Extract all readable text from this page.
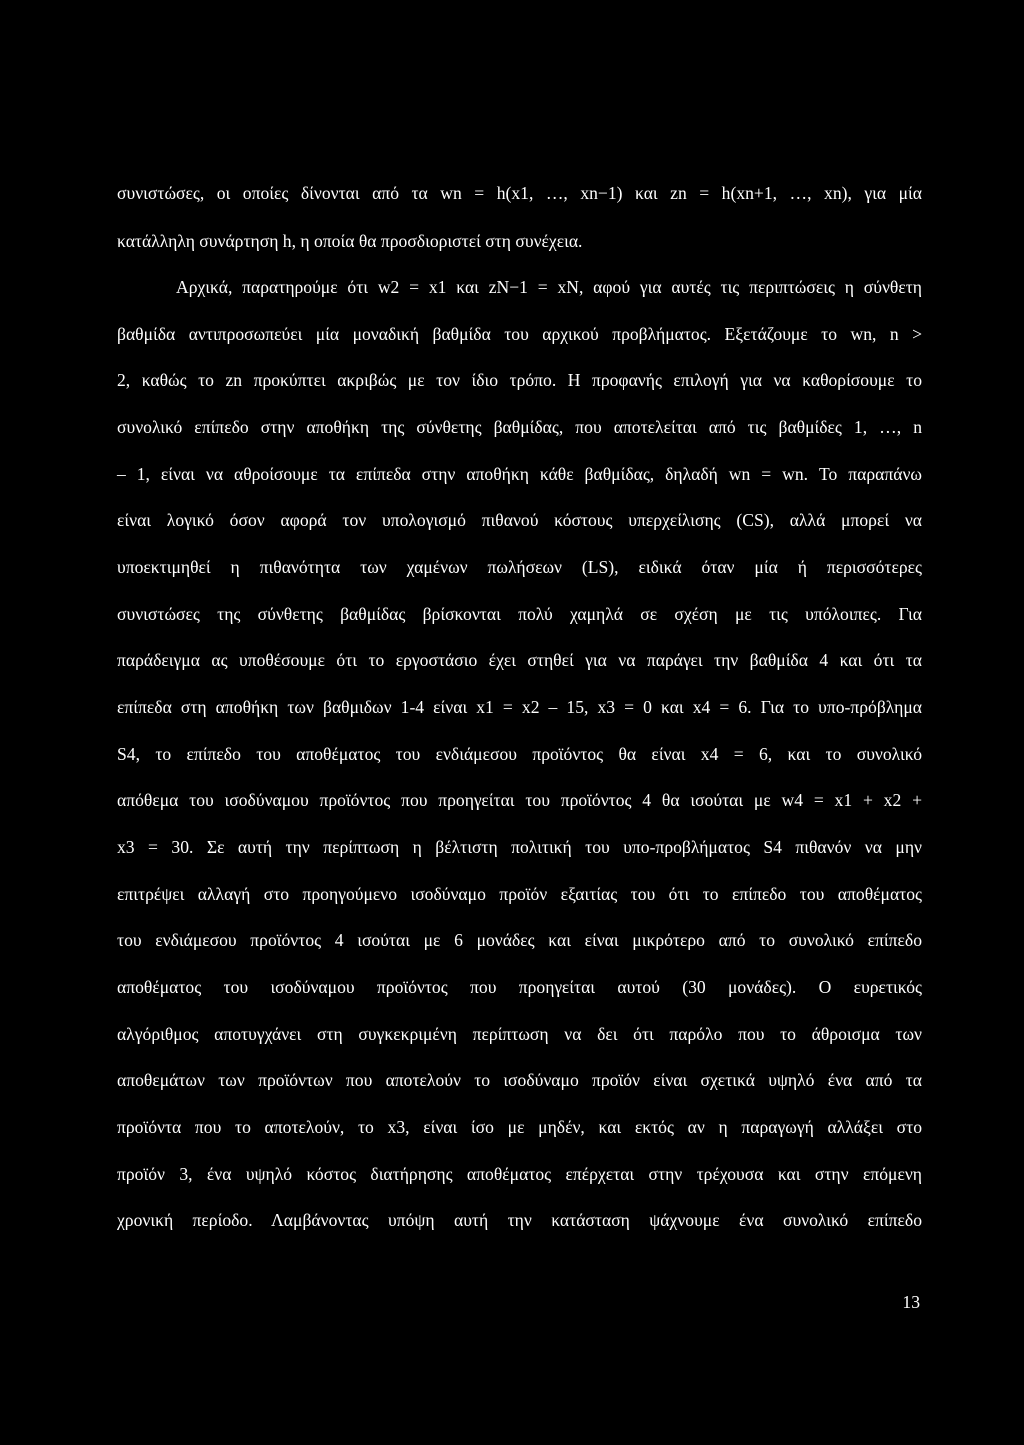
συνιστώσες, οι οποίες δίνονται από τα wn = h(x1, …, xn−1) και zn = h(xn+1, …, xn), για μία
κατάλληλη συνάρτηση h, η οποία θα προσδιοριστεί στη συνέχεια.
Αρχικά, παρατηρούμε ότι w2 = x1 και zN−1 = xN, αφού για αυτές τις περιπτώσεις η σύνθετη
βαθμίδα αντιπροσωπεύει μία μοναδική βαθμίδα του αρχικού προβλήματος. Εξετάζουμε το wn, n >
2, καθώς το zn προκύπτει ακριβώς με τον ίδιο τρόπο. Η προφανής επιλογή για να καθορίσουμε το
συνολικό επίπεδο στην αποθήκη της σύνθετης βαθμίδας, που αποτελείται από τις βαθμίδες 1, …, n
– 1, είναι να αθροίσουμε τα επίπεδα στην αποθήκη κάθε βαθμίδας, δηλαδή wn = wn. Το παραπάνω
είναι λογικό όσον αφορά τον υπολογισμό πιθανού κόστους υπερχείλισης (CS), αλλά μπορεί να
υποεκτιμηθεί η πιθανότητα των χαμένων πωλήσεων (LS), ειδικά όταν μία ή περισσότερες
συνιστώσες της σύνθετης βαθμίδας βρίσκονται πολύ χαμηλά σε σχέση με τις υπόλοιπες. Για
παράδειγμα ας υποθέσουμε ότι το εργοστάσιο έχει στηθεί για να παράγει την βαθμίδα 4 και ότι τα
επίπεδα στη αποθήκη των βαθμιδων 1-4 είναι x1 = x2 – 15, x3 = 0 και x4 = 6. Για το υπο-πρόβλημα
S4, το επίπεδο του αποθέματος του ενδιάμεσου προϊόντος θα είναι x4 = 6, και το συνολικό
απόθεμα του ισοδύναμου προϊόντος που προηγείται του προϊόντος 4 θα ισούται με w4 = x1 + x2 +
x3 = 30. Σε αυτή την περίπτωση η βέλτιστη πολιτική του υπο-προβλήματος S4 πιθανόν να μην
επιτρέψει αλλαγή στο προηγούμενο ισοδύναμο προϊόν εξαιτίας του ότι το επίπεδο του αποθέματος
του ενδιάμεσου προϊόντος 4 ισούται με 6 μονάδες και είναι μικρότερο από το συνολικό επίπεδο
αποθέματος του ισοδύναμου προϊόντος που προηγείται αυτού (30 μονάδες). Ο ευρετικός
αλγόριθμος αποτυγχάνει στη συγκεκριμένη περίπτωση να δει ότι παρόλο που το άθροισμα των
αποθεμάτων των προϊόντων που αποτελούν το ισοδύναμο προϊόν είναι σχετικά υψηλό ένα από τα
προϊόντα που το αποτελούν, το x3, είναι ίσο με μηδέν, και εκτός αν η παραγωγή αλλάξει στο
προϊόν 3, ένα υψηλό κόστος διατήρησης αποθέματος επέρχεται στην τρέχουσα και στην επόμενη
χρονική περίοδο. Λαμβάνοντας υπόψη αυτή την κατάσταση ψάχνουμε ένα συνολικό επίπεδο
13
